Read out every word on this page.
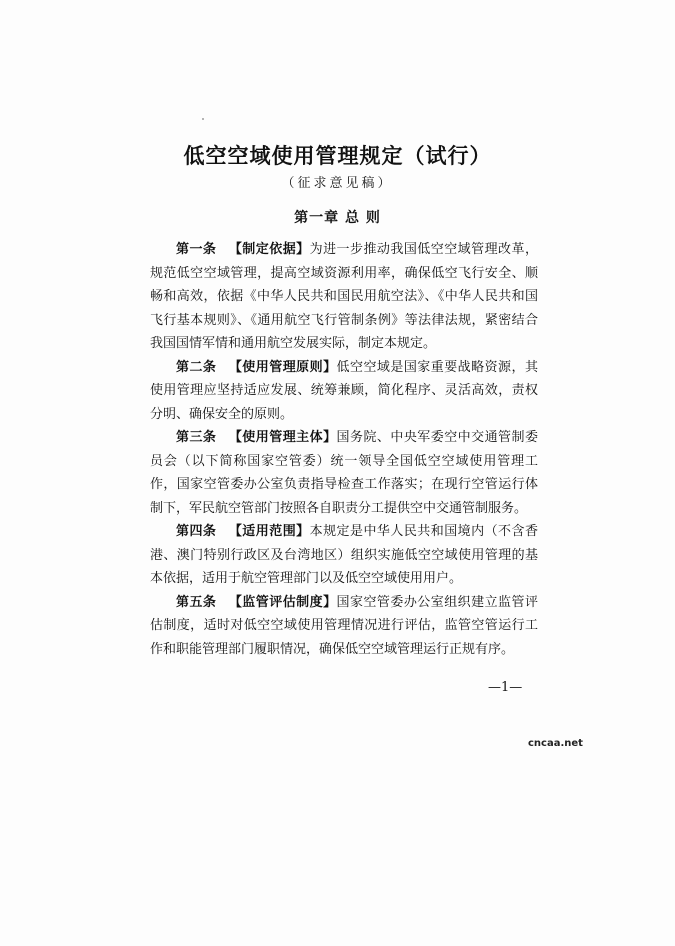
低空空域使用管理规定（试行）
（征求意见稿）
第一章 总 则

第一条 【制定依据】为进一步推动我国低空空域管理改革，规范低空空域管理，提高空域资源利用率，确保低空飞行安全、顺畅和高效，依据《中华人民共和国民用航空法》、《中华人民共和国飞行基本规则》、《通用航空飞行管制条例》等法律法规，紧密结合我国国情军情和通用航空发展实际，制定本规定。

第二条 【使用管理原则】低空空域是国家重要战略资源，其使用管理应坚持适应发展、统筹兼顾，简化程序、灵活高效，责权分明、确保安全的原则。

第三条 【使用管理主体】国务院、中央军委空中交通管制委员会（以下简称国家空管委）统一领导全国低空空域使用管理工作，国家空管委办公室负责指导检查工作落实；在现行空管运行体制下，军民航空管部门按照各自职责分工提供空中交通管制服务。

第四条 【适用范围】本规定是中华人民共和国境内（不含香港、澳门特别行政区及台湾地区）组织实施低空空域使用管理的基本依据，适用于航空管理部门以及低空空域使用用户。

第五条 【监管评估制度】国家空管委办公室组织建立监管评估制度，适时对低空空域使用管理情况进行评估，监管空管运行工作和职能管理部门履职情况，确保低空空域管理运行正规有序。

—1—
cncaa.net
